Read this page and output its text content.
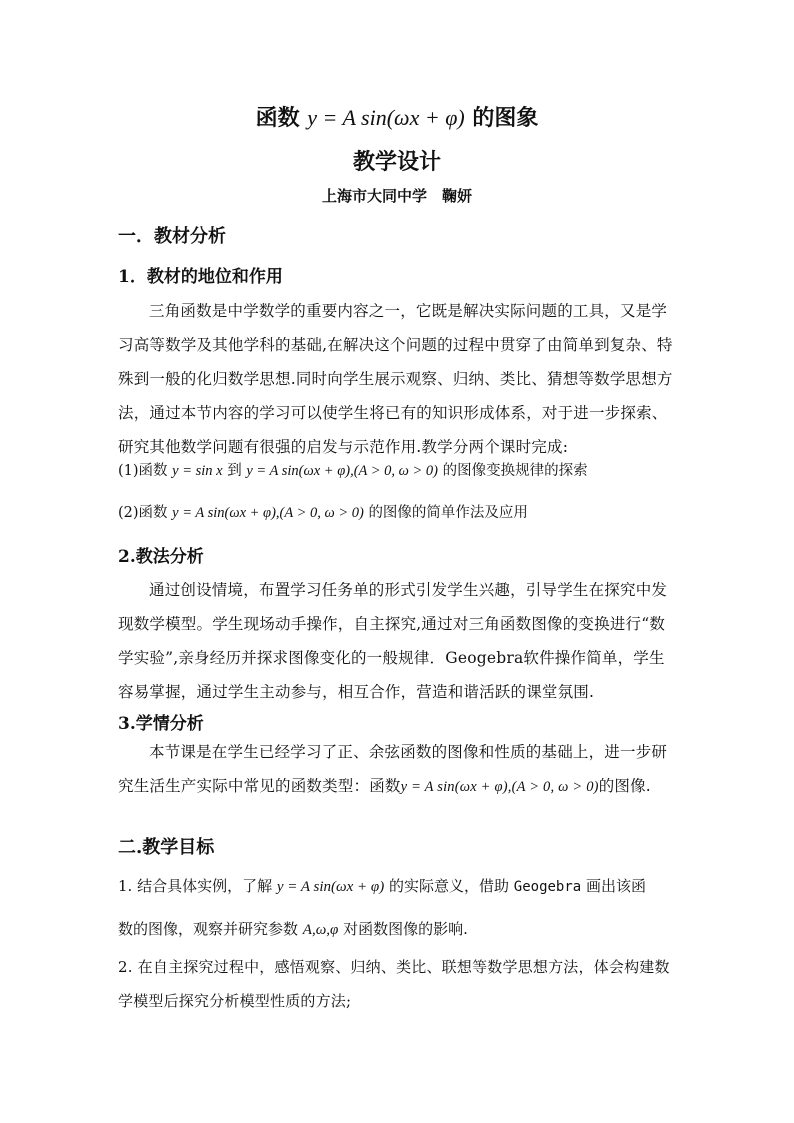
函数 y = A sin(ωx + φ) 的图象
教学设计
上海市大同中学　鞠妍
一．教材分析
1．教材的地位和作用
三角函数是中学数学的重要内容之一，它既是解决实际问题的工具，又是学习高等数学及其他学科的基础,在解决这个问题的过程中贯穿了由简单到复杂、特殊到一般的化归数学思想.同时向学生展示观察、归纳、类比、猜想等数学思想方法，通过本节内容的学习可以使学生将已有的知识形成体系，对于进一步探索、研究其他数学问题有很强的启发与示范作用.教学分两个课时完成:
(1)函数 y = sin x 到 y = A sin(ωx + φ),(A > 0, ω > 0) 的图像变换规律的探索
(2)函数 y = A sin(ωx + φ),(A > 0, ω > 0) 的图像的简单作法及应用
2.教法分析
通过创设情境，布置学习任务单的形式引发学生兴趣，引导学生在探究中发现数学模型。学生现场动手操作，自主探究,通过对三角函数图像的变换进行“数学实验”,亲身经历并探求图像变化的一般规律．Geogebra软件操作简单，学生容易掌握，通过学生主动参与，相互合作，营造和谐活跃的课堂氛围.
3.学情分析
本节课是在学生已经学习了正、余弦函数的图像和性质的基础上，进一步研究生活生产实际中常见的函数类型：函数y = A sin(ωx + φ),(A > 0, ω > 0)的图像.
二.教学目标
1. 结合具体实例，了解 y = A sin(ωx + φ) 的实际意义，借助 Geogebra 画出该函
数的图像，观察并研究参数 A,ω,φ 对函数图像的影响.
2. 在自主探究过程中，感悟观察、归纳、类比、联想等数学思想方法，体会构建数学模型后探究分析模型性质的方法;
